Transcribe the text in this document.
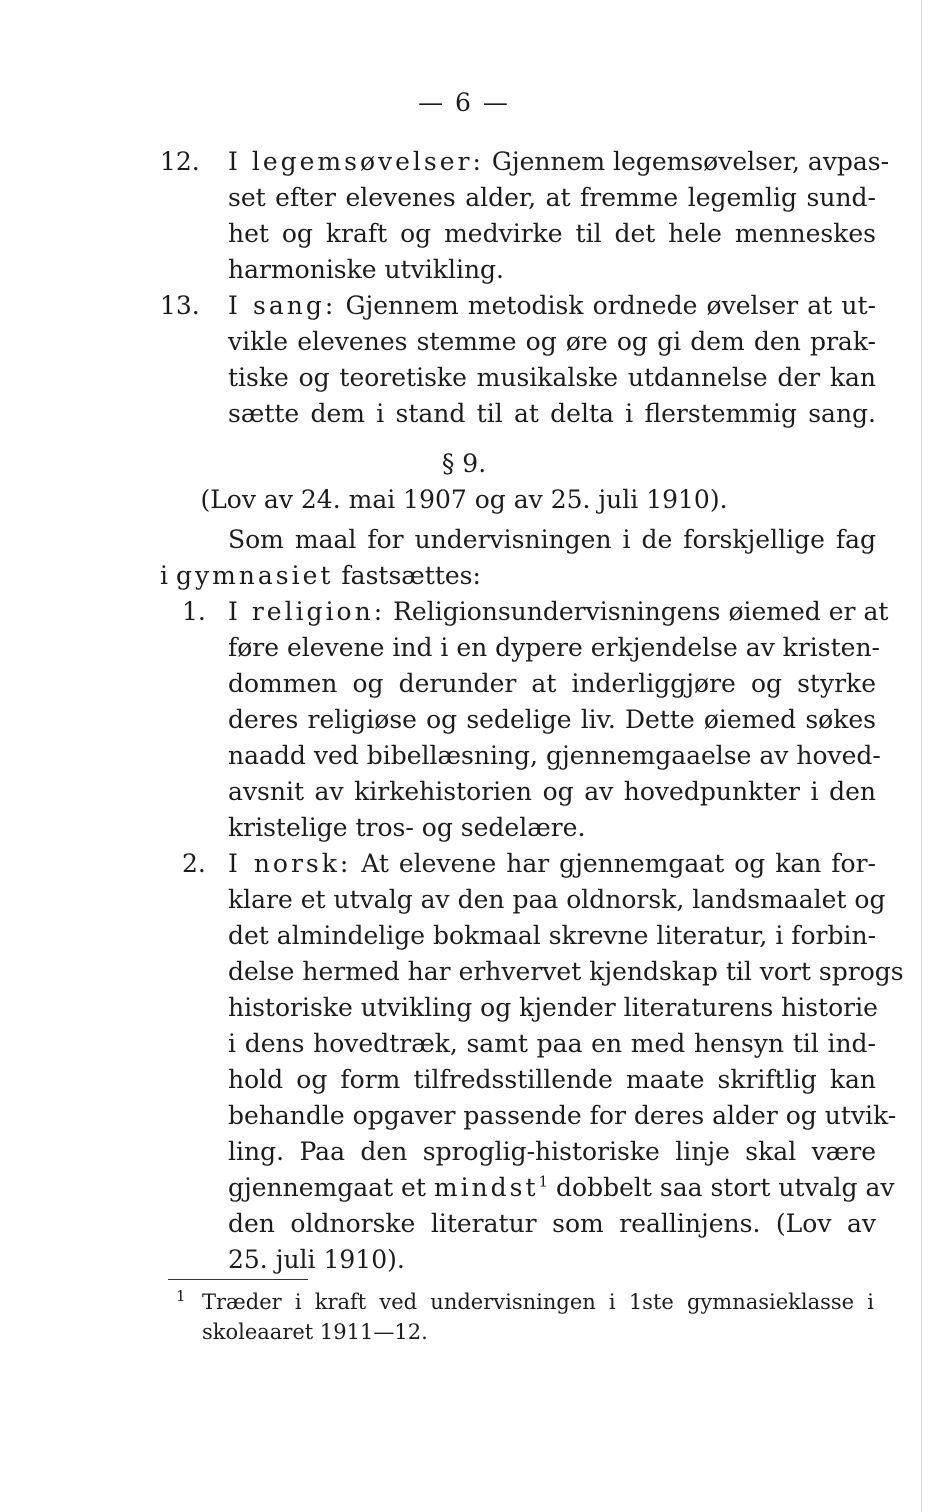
— 6 —
12.	I legemsøvelser: Gjennem legemsøvelser, avpas-
set efter elevenes alder, at fremme legemlig sund-
het og kraft og medvirke til det hele menneskes
harmoniske utvikling.
13.	I sang: Gjennem metodisk ordnede øvelser at ut-
vikle elevenes stemme og øre og gi dem den prak-
tiske og teoretiske musikalske utdannelse der kan
sætte dem i stand til at delta i flerstemmig sang.
§ 9.
(Lov av 24. mai 1907 og av 25. juli 1910).
Som maal for undervisningen i de forskjellige fag
i gymnasiet fastsættes:
1. I religion: Religionsundervisningens øiemed er at
føre elevene ind i en dypere erkjendelse av kristen-
dommen og derunder at inderliggjøre og styrke
deres religiøse og sedelige liv. Dette øiemed søkes
naadd ved bibellæsning, gjennemgaaelse av hoved-
avsnit av kirkehistorien og av hovedpunkter i den
kristelige tros- og sedelære.
2. I norsk: At elevene har gjennemgaat og kan for-
klare et utvalg av den paa oldnorsk, landsmaalet og
det almindelige bokmaal skrevne literatur, i forbin-
delse hermed har erhvervet kjendskap til vort sprogs
historiske utvikling og kjender literaturens historie
i dens hovedtræk, samt paa en med hensyn til ind-
hold og form tilfredsstillende maate skriftlig kan
behandle opgaver passende for deres alder og utvik-
ling. Paa den sproglig-historiske linje skal være
gjennemgaat et mindst$^1$ dobbelt saa stort utvalg av
den oldnorske literatur som reallinjens. (Lov av
25. juli 1910).
$^1$ Træder i kraft ved undervisningen i 1ste gymnasieklasse i
skoleaaret 1911—12.
